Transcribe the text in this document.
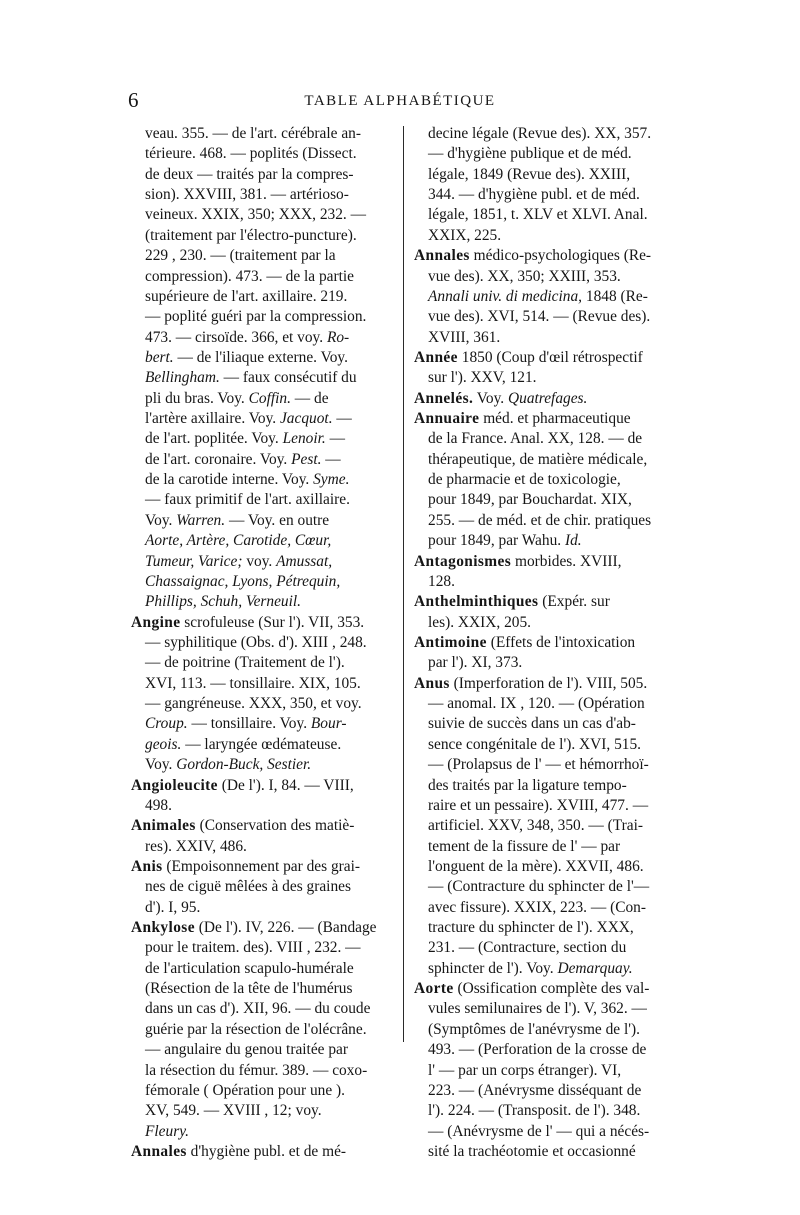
6	TABLE ALPHABÉTIQUE
veau. 355. — de l'art. cérébrale an-
térieure. 468. — poplités (Dissect.
de deux — traités par la compres-
sion). XXVIII, 381. — artérioso-
veineux. XXIX, 350; XXX, 232. —
(traitement par l'électro-puncture).
229 , 230. — (traitement par la
compression). 473. — de la partie
supérieure de l'art. axillaire. 219.
— poplité guéri par la compression.
473. — cirsoïde. 366, et voy. Ro-
bert. — de l'iliaque externe. Voy.
Bellingham. — faux consécutif du
pli du bras. Voy. Coffin. — de
l'artère axillaire. Voy. Jacquot. —
de l'art. poplitée. Voy. Lenoir. —
de l'art. coronaire. Voy. Pest. —
de la carotide interne. Voy. Syme.
— faux primitif de l'art. axillaire.
Voy. Warren. — Voy. en outre
Aorte, Artère, Carotide, Cœur,
Tumeur, Varice; voy. Amussat,
Chassaignac, Lyons, Pétrequin,
Phillips, Schuh, Verneuil.
Angine scrofuleuse (Sur l'). VII, 353.
— syphilitique (Obs. d'). XIII , 248.
— de poitrine (Traitement de l').
XVI, 113. — tonsillaire. XIX, 105.
— gangréneuse. XXX, 350, et voy.
Croup. — tonsillaire. Voy. Bour-
geois. — laryngée œdémateuse.
Voy. Gordon-Buck, Sestier.
Angioleucite (De l'). I, 84. — VIII,
498.
Animales (Conservation des matiè-
res). XXIV, 486.
Anis (Empoisonnement par des grai-
nes de ciguë mêlées à des graines
d'). I, 95.
Ankylose (De l'). IV, 226. — (Bandage
pour le traitem. des). VIII , 232. —
de l'articulation scapulo-humérale
(Résection de la tête de l'humérus
dans un cas d'). XII, 96. — du coude
guérie par la résection de l'olécrâne.
— angulaire du genou traitée par
la résection du fémur. 389. — coxo-
fémorale ( Opération pour une ).
XV, 549. — XVIII , 12; voy.
Fleury.
Annales d'hygiène publ. et de mé-
decine légale (Revue des). XX, 357.
— d'hygiène publique et de méd.
légale, 1849 (Revue des). XXIII,
344. — d'hygiène publ. et de méd.
légale, 1851, t. XLV et XLVI. Anal.
XXIX, 225.
Annales médico-psychologiques (Re-
vue des). XX, 350; XXIII, 353.
Annali univ. di medicina, 1848 (Re-
vue des). XVI, 514. — (Revue des).
XVIII, 361.
Année 1850 (Coup d'œil rétrospectif
sur l'). XXV, 121.
Annelés. Voy. Quatrefages.
Annuaire méd. et pharmaceutique
de la France. Anal. XX, 128. — de
thérapeutique, de matière médicale,
de pharmacie et de toxicologie,
pour 1849, par Bouchardat. XIX,
255. — de méd. et de chir. pratiques
pour 1849, par Wahu. Id.
Antagonismes morbides. XVIII,
128.
Anthelminthiques (Expér. sur
les). XXIX, 205.
Antimoine (Effets de l'intoxication
par l'). XI, 373.
Anus (Imperforation de l'). VIII, 505.
— anomal. IX , 120. — (Opération
suivie de succès dans un cas d'ab-
sence congénitale de l'). XVI, 515.
— (Prolapsus de l' — et hémorrhoï-
des traités par la ligature tempo-
raire et un pessaire). XVIII, 477. —
artificiel. XXV, 348, 350. — (Trai-
tement de la fissure de l' — par
l'onguent de la mère). XXVII, 486.
— (Contracture du sphincter de l'—
avec fissure). XXIX, 223. — (Con-
tracture du sphincter de l'). XXX,
231. — (Contracture, section du
sphincter de l'). Voy. Demarquay.
Aorte (Ossification complète des val-
vules semilunaires de l'). V, 362. —
(Symptômes de l'anévrysme de l').
493. — (Perforation de la crosse de
l' — par un corps étranger). VI,
223. — (Anévrysme disséquant de
l'). 224. — (Transposit. de l'). 348.
— (Anévrysme de l' — qui a nécés-
sité la trachéotomie et occasionné
